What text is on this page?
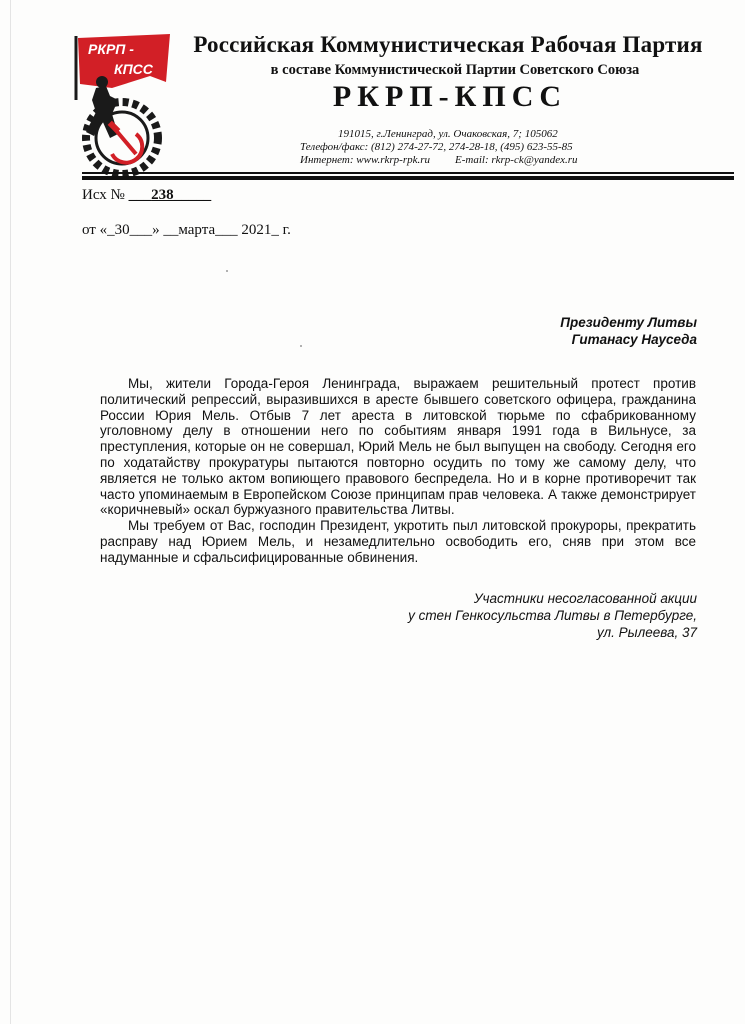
РКРП -
КПСС
Российская Коммунистическая Рабочая Партия
в составе Коммунистической Партии Советского Союза
РКРП-КПСС
191015, г.Ленинград, ул. Очаковская, 7; 105062
Телефон/факс: (812) 274-27-72, 274-28-18, (495) 623-55-85
Интернет: www.rkrp-rpk.ru E-mail: rkrp-ck@yandex.ru
Исх № ___238_____
от «_30___» __марта___ 2021_ г.
Президенту Литвы
Гитанасу Науседа

Мы, жители Города-Героя Ленинграда, выражаем решительный протест против политический репрессий, выразившихся в аресте бывшего советского офицера, гражданина России Юрия Мель. Отбыв 7 лет ареста в литовской тюрьме по сфабрикованному уголовному делу в отношении него по событиям января 1991 года в Вильнусе, за преступления, которые он не совершал, Юрий Мель не был выпущен на свободу. Сегодня его по ходатайству прокуратуры пытаются повторно осудить по тому же самому делу, что является не только актом вопиющего правового беспредела. Но и в корне противоречит так часто упоминаемым в Европейском Союзе принципам прав человека. А также демонстрирует «коричневый» оскал буржуазного правительства Литвы.

Мы требуем от Вас, господин Президент, укротить пыл литовской прокуроры, прекратить расправу над Юрием Мель, и незамедлительно освободить его, сняв при этом все надуманные и сфальсифицированные обвинения.

Участники несогласованной акции
у стен Генкосульства Литвы в Петербурге,
ул. Рылеева, 37
